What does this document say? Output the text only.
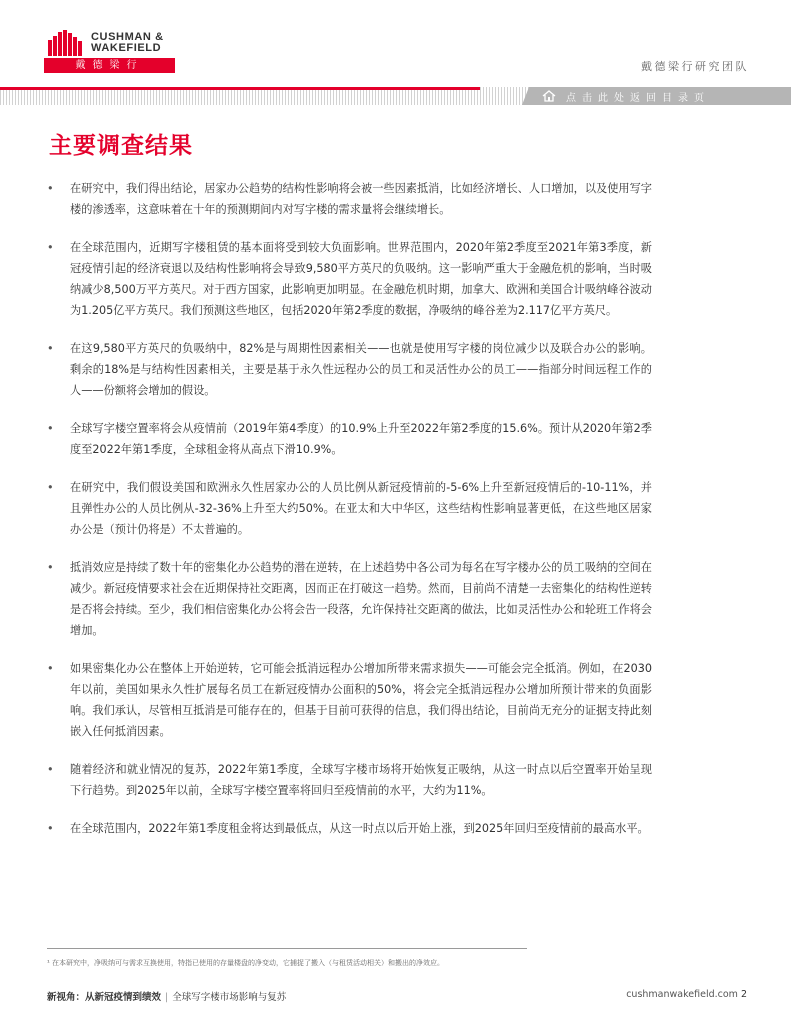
CUSHMAN &
WAKEFIELD
戴德梁行	戴德梁行研究团队
点击此处返回目录页
主要调查结果
• 在研究中，我们得出结论，居家办公趋势的结构性影响将会被一些因素抵消，比如经济增长、人口增加，以及使用写字楼的渗透率，这意味着在十年的预测期间内对写字楼的需求量将会继续增长。
• 在全球范围内，近期写字楼租赁的基本面将受到较大负面影响。世界范围内，2020年第2季度至2021年第3季度，新冠疫情引起的经济衰退以及结构性影响将会导致9,580平方英尺的负吸纳。这一影响严重大于金融危机的影响，当时吸纳减少8,500万平方英尺。对于西方国家，此影响更加明显。在金融危机时期，加拿大、欧洲和美国合计吸纳峰谷波动为1.205亿平方英尺。我们预测这些地区，包括2020年第2季度的数据，净吸纳的峰谷差为2.117亿平方英尺。
• 在这9,580平方英尺的负吸纳中，82%是与周期性因素相关——也就是使用写字楼的岗位减少以及联合办公的影响。剩余的18%是与结构性因素相关，主要是基于永久性远程办公的员工和灵活性办公的员工——指部分时间远程工作的人——份额将会增加的假设。
• 全球写字楼空置率将会从疫情前（2019年第4季度）的10.9%上升至2022年第2季度的15.6%。预计从2020年第2季度至2022年第1季度，全球租金将从高点下滑10.9%。
• 在研究中，我们假设美国和欧洲永久性居家办公的人员比例从新冠疫情前的-5-6%上升至新冠疫情后的-10-11%，并且弹性办公的人员比例从-32-36%上升至大约50%。在亚太和大中华区，这些结构性影响显著更低，在这些地区居家办公是（预计仍将是）不太普遍的。
• 抵消效应是持续了数十年的密集化办公趋势的潜在逆转，在上述趋势中各公司为每名在写字楼办公的员工吸纳的空间在减少。新冠疫情要求社会在近期保持社交距离，因而正在打破这一趋势。然而，目前尚不清楚一去密集化的结构性逆转是否将会持续。至少，我们相信密集化办公将会告一段落，允许保持社交距离的做法，比如灵活性办公和轮班工作将会增加。
• 如果密集化办公在整体上开始逆转，它可能会抵消远程办公增加所带来需求损失——可能会完全抵消。例如，在2030年以前，美国如果永久性扩展每名员工在新冠疫情办公面积的50%，将会完全抵消远程办公增加所预计带来的负面影响。我们承认，尽管相互抵消是可能存在的，但基于目前可获得的信息，我们得出结论，目前尚无充分的证据支持此刻嵌入任何抵消因素。
• 随着经济和就业情况的复苏，2022年第1季度，全球写字楼市场将开始恢复正吸纳，从这一时点以后空置率开始呈现下行趋势。到2025年以前，全球写字楼空置率将回归至疫情前的水平，大约为11%。
• 在全球范围内，2022年第1季度租金将达到最低点，从这一时点以后开始上涨，到2025年回归至疫情前的最高水平。
¹ 在本研究中，净吸纳可与需求互换使用，特指已使用的存量楼盘的净变动，它捕捉了搬入（与租赁活动相关）和搬出的净效应。
新视角：从新冠疫情到绩效 | 全球写字楼市场影响与复苏	cushmanwakefield.com 2
